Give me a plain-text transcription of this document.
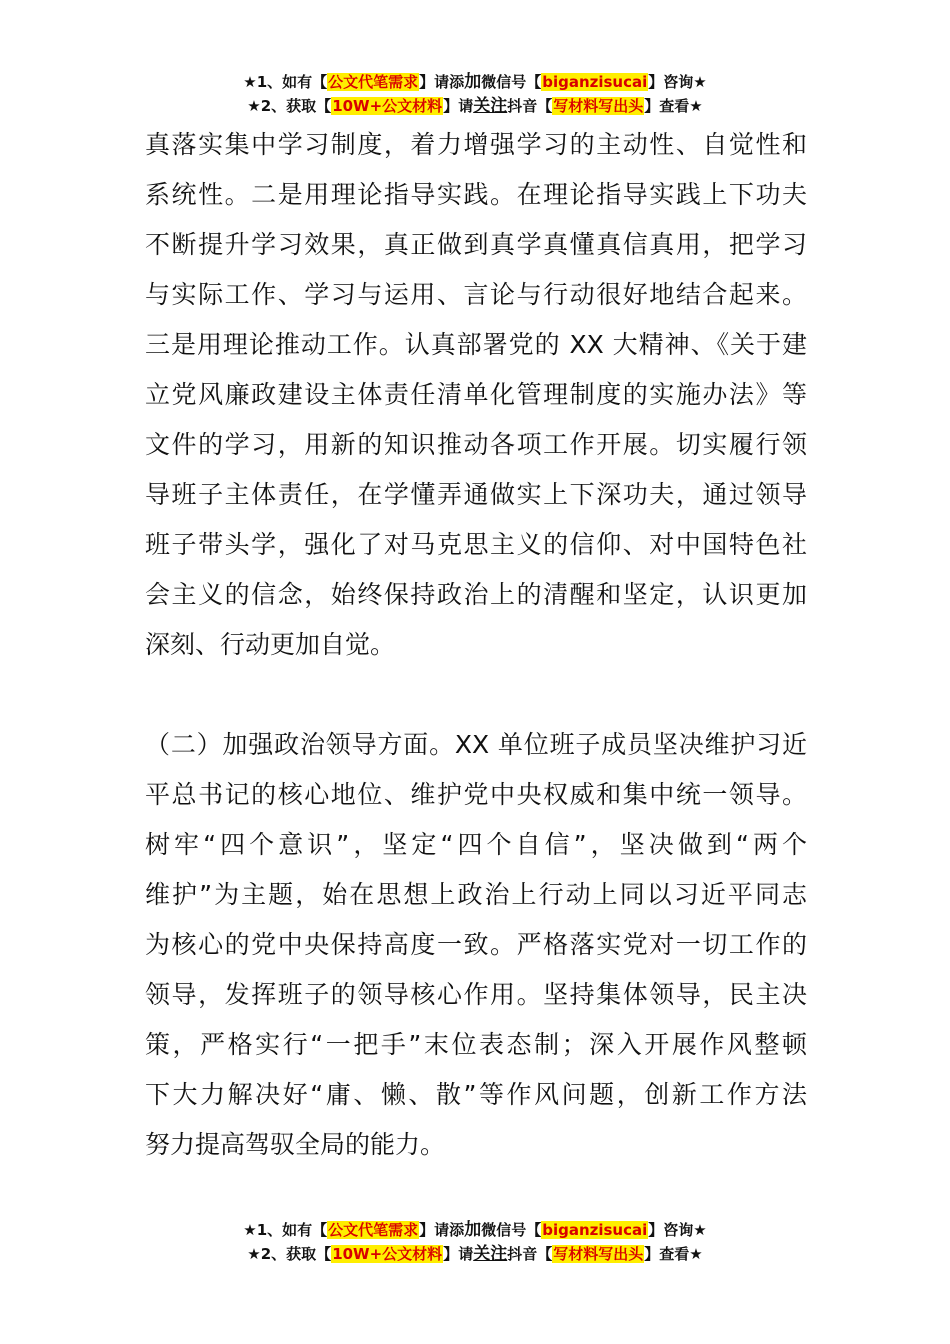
★1、如有【公文代笔需求】请添加微信号【biganzisucai】咨询★
★2、获取【10W+公文材料】请关注抖音【写材料写出头】查看★
真落实集中学习制度，着力增强学习的主动性、自觉性和
系统性。二是用理论指导实践。在理论指导实践上下功夫
不断提升学习效果，真正做到真学真懂真信真用，把学习
与实际工作、学习与运用、言论与行动很好地结合起来。
三是用理论推动工作。认真部署党的 XX 大精神、《关于建
立党风廉政建设主体责任清单化管理制度的实施办法》等
文件的学习，用新的知识推动各项工作开展。切实履行领
导班子主体责任，在学懂弄通做实上下深功夫，通过领导
班子带头学，强化了对马克思主义的信仰、对中国特色社
会主义的信念，始终保持政治上的清醒和坚定，认识更加
深刻、行动更加自觉。
（二）加强政治领导方面。XX 单位班子成员坚决维护习近
平总书记的核心地位、维护党中央权威和集中统一领导。
树牢“四个意识”，坚定“四个自信”，坚决做到“两个
维护”为主题，始在思想上政治上行动上同以习近平同志
为核心的党中央保持高度一致。严格落实党对一切工作的
领导，发挥班子的领导核心作用。坚持集体领导，民主决
策，严格实行“一把手”末位表态制；深入开展作风整顿
下大力解决好“庸、懒、散”等作风问题，创新工作方法
努力提高驾驭全局的能力。
★1、如有【公文代笔需求】请添加微信号【biganzisucai】咨询★
★2、获取【10W+公文材料】请关注抖音【写材料写出头】查看★
